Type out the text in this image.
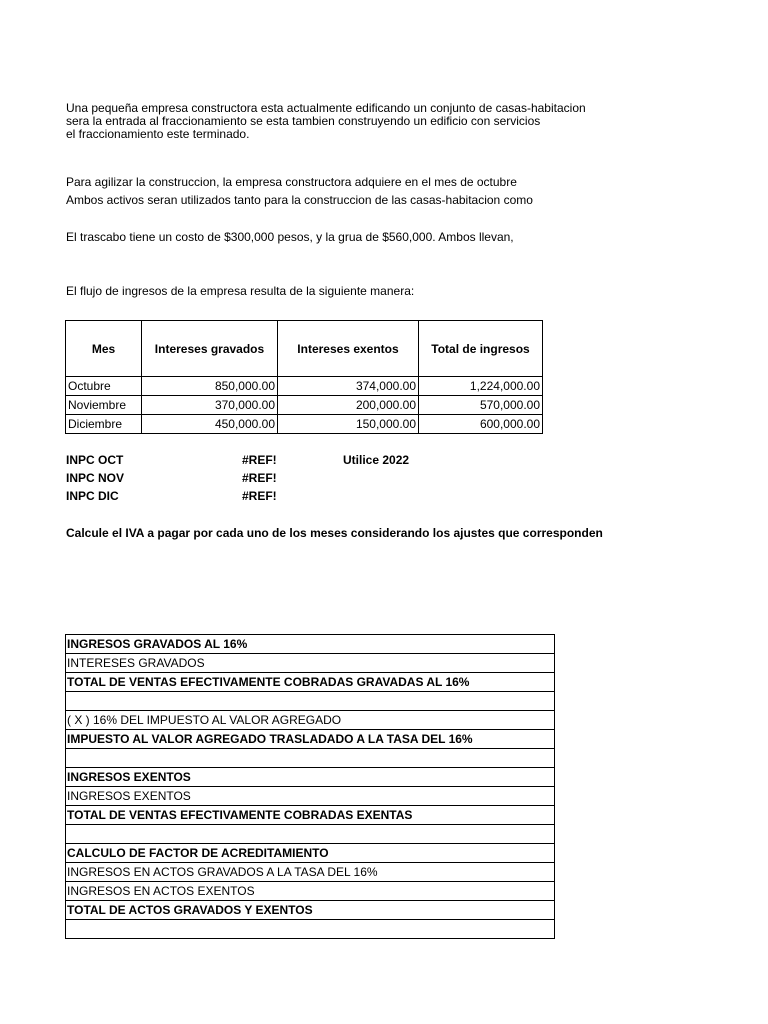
Una pequeña empresa constructora esta actualmente edificando un conjunto de casas-habitacion
sera la entrada al fraccionamiento se esta tambien construyendo un edificio con servicios
el fraccionamiento este terminado.
Para agilizar la construccion, la empresa constructora adquiere en el mes de octubre
Ambos activos seran utilizados tanto para la construccion de las casas-habitacion como
El trascabo tiene un costo de $300,000 pesos, y la grua de $560,000. Ambos llevan,
El flujo de ingresos de la empresa resulta de la siguiente manera:
Mes	Intereses gravados	Intereses exentos	Total de ingresos
Octubre	850,000.00	374,000.00	1,224,000.00
Noviembre	370,000.00	200,000.00	570,000.00
Diciembre	450,000.00	150,000.00	600,000.00
INPC OCT	#REF!	Utilice 2022
INPC NOV	#REF!
INPC DIC	#REF!
Calcule el IVA a pagar por cada uno de los meses considerando los ajustes que corresponden
INGRESOS GRAVADOS AL 16%
INTERESES GRAVADOS
TOTAL DE VENTAS EFECTIVAMENTE COBRADAS GRAVADAS AL 16%

( X ) 16% DEL IMPUESTO AL VALOR AGREGADO
IMPUESTO AL VALOR AGREGADO TRASLADADO A LA TASA DEL 16%

INGRESOS EXENTOS
INGRESOS EXENTOS
TOTAL DE VENTAS EFECTIVAMENTE COBRADAS EXENTAS

CALCULO DE FACTOR DE ACREDITAMIENTO
INGRESOS EN ACTOS GRAVADOS A LA TASA DEL 16%
INGRESOS EN ACTOS EXENTOS
TOTAL DE ACTOS GRAVADOS Y EXENTOS
